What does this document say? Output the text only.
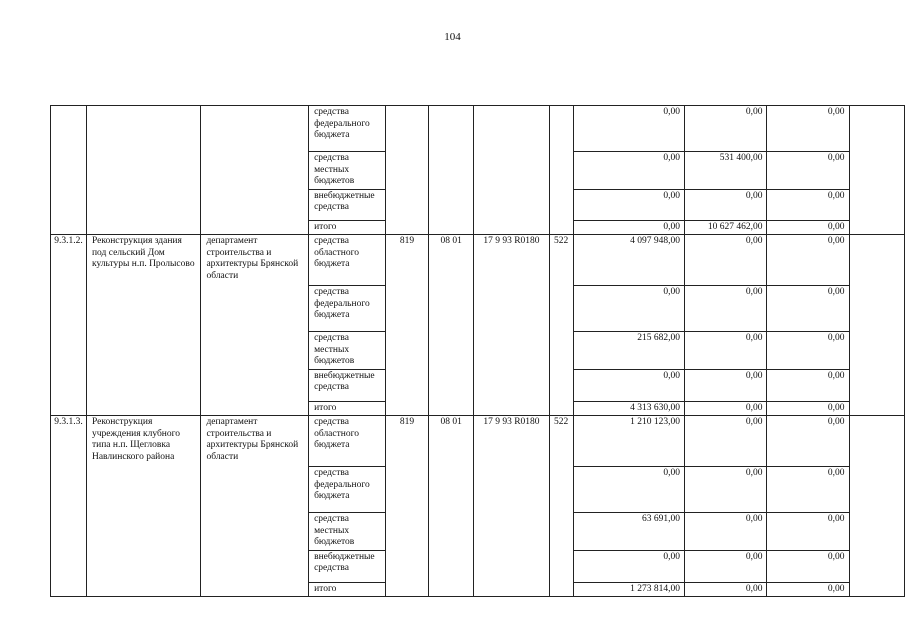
104
			средства федерального бюджета					0,00	0,00	0,00	
			средства местных бюджетов					0,00	531 400,00	0,00	
			внебюджетные средства					0,00	0,00	0,00	
			итого					0,00	10 627 462,00	0,00	
9.3.1.2.	Реконструкция здания под сельский Дом культуры н.п. Пролысово	департамент строительства и архитектуры Брянской области	средства областного бюджета	819	08 01	17 9 93 R0180	522	4 097 948,00	0,00	0,00	
			средства федерального бюджета					0,00	0,00	0,00	
			средства местных бюджетов					215 682,00	0,00	0,00	
			внебюджетные средства					0,00	0,00	0,00	
			итого					4 313 630,00	0,00	0,00	
9.3.1.3.	Реконструкция учреждения клубного типа н.п. Щегловка Навлинского района	департамент строительства и архитектуры Брянской области	средства областного бюджета	819	08 01	17 9 93 R0180	522	1 210 123,00	0,00	0,00	
			средства федерального бюджета					0,00	0,00	0,00	
			средства местных бюджетов					63 691,00	0,00	0,00	
			внебюджетные средства					0,00	0,00	0,00	
			итого					1 273 814,00	0,00	0,00	
